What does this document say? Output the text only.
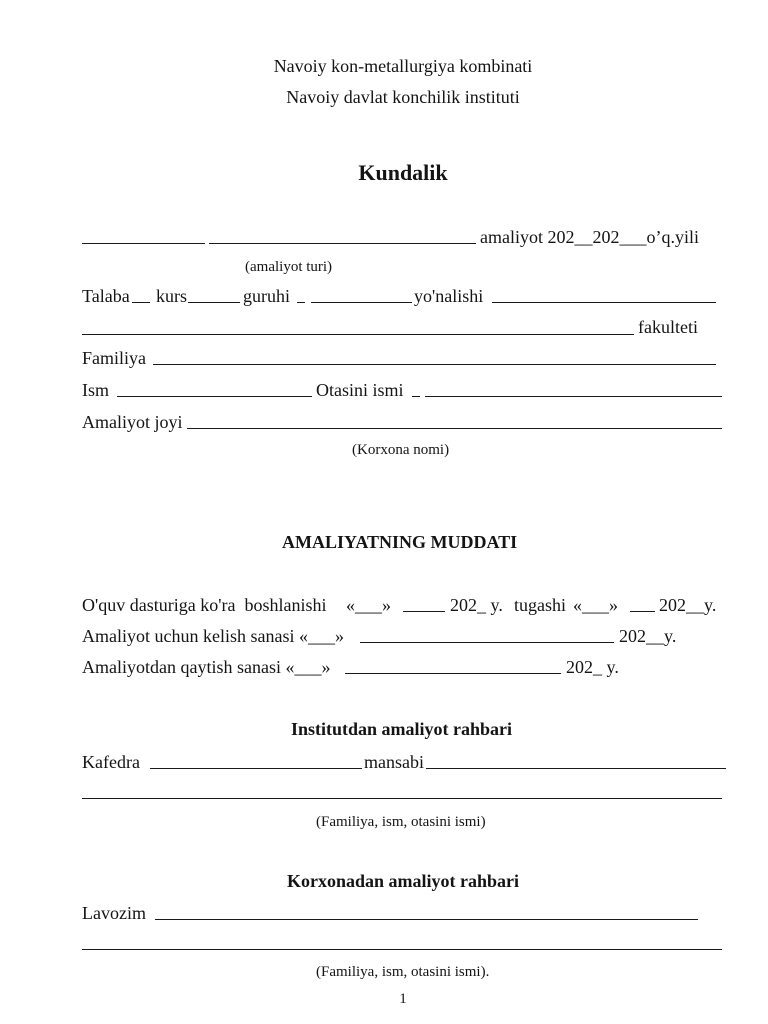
Navoiy kon-metallurgiya kombinati
Navoiy davlat konchilik instituti
Kundalik
amaliyot 202__202___o’q.yili
(amaliyot turi)
Talaba kurs	guruhi	yo'nalishi
fakulteti
Familiya
Ism	Otasini ismi
Amaliyot joyi
(Korxona nomi)
AMALIYATNING MUDDATI
O'quv dasturiga ko'ra  boshlanishi «___»	202_ y. tugashi «___» 202__y.
Amaliyot uchun kelish sanasi «___»	202__y.
Amaliyotdan qaytish sanasi «___»	202_ y.
Institutdan amaliyot rahbari
Kafedra	mansabi
(Familiya, ism, otasini ismi)
Korxonadan amaliyot rahbari
Lavozim
(Familiya, ism, otasini ismi).
1
